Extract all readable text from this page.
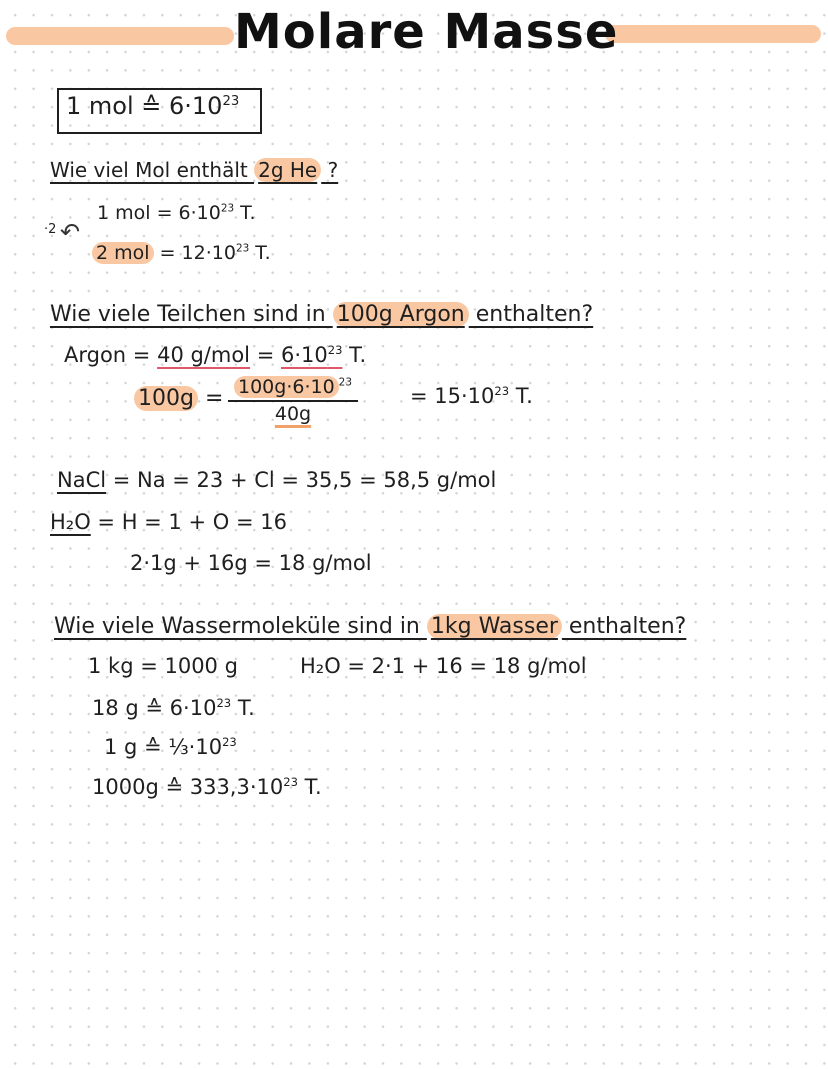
Molare Masse
1 mol ≙ $6\cdot 10^{23}$
Wie viel Mol enthält 2g He ?
·2 ↶
1 mol = $6\cdot 10^{23}$ T.
2 mol = $12\cdot 10^{23}$ T.
Wie viele Teilchen sind in 100g Argon enthalten?
Argon = 40 $g/mol = 6\cdot 10^{23}$ T.
$100g = \frac{100g\cdot 6\cdot 10 ^{23}}{40g} = 15\cdot 10^{23}$ T.
NaCl = Na = 23 + Cl = 35,5 = 58,5 g/mol
H₂O = H = 1 + O = 16
2·1g + 16g = 18 g/mol
Wie viele Wassermoleküle sind in 1kg Wasser enthalten?
1 kg = 1000 g	H₂O = 2·1 + 16 = 18 g/mol
18 g ≙ $6\cdot 10^{23}$ T.
1 g ≙ $\frac{1}{3}\cdot 10^{23}$
1000g ≙ $333,3\cdot 10^{23}$ T.
